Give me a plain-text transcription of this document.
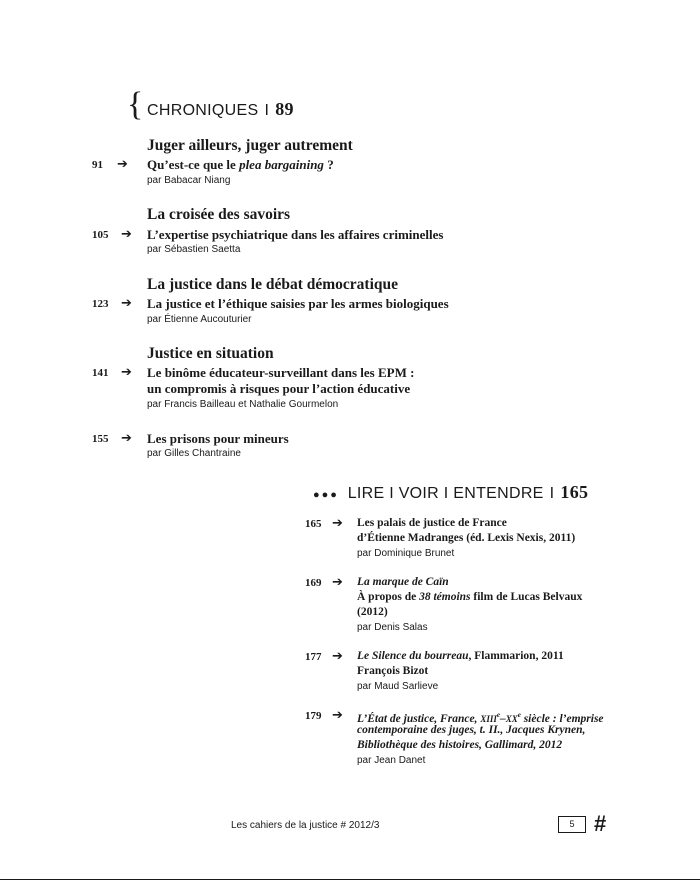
{ CHRONIQUES I 89
Juger ailleurs, juger autrement
91	➔ Qu’est-ce que le plea bargaining ?
par Babacar Niang
La croisée des savoirs
105 ➔ L’expertise psychiatrique dans les affaires criminelles
par Sébastien Saetta
La justice dans le débat démocratique
123 ➔ La justice et l’éthique saisies par les armes biologiques
par Étienne Aucouturier
Justice en situation
141 ➔ Le binôme éducateur-surveillant dans les EPM :
un compromis à risques pour l’action éducative
par Francis Bailleau et Nathalie Gourmelon
155 ➔ Les prisons pour mineurs
par Gilles Chantraine
●●● LIRE I VOIR I ENTENDRE I 165
165 ➔ Les palais de justice de France
d’Étienne Madranges (éd. Lexis Nexis, 2011)
par Dominique Brunet
169 ➔ La marque de Caïn
À propos de 38 témoins film de Lucas Belvaux
(2012)
par Denis Salas
177 ➔ Le Silence du bourreau, Flammarion, 2011
François Bizot
par Maud Sarlieve
179 ➔ L’État de justice, France, XIIIe–XXe siècle : l’emprise
contemporaine des juges, t. II., Jacques Krynen,
Bibliothèque des histoires, Gallimard, 2012
par Jean Danet
Les cahiers de la justice # 2012/3	5 #
